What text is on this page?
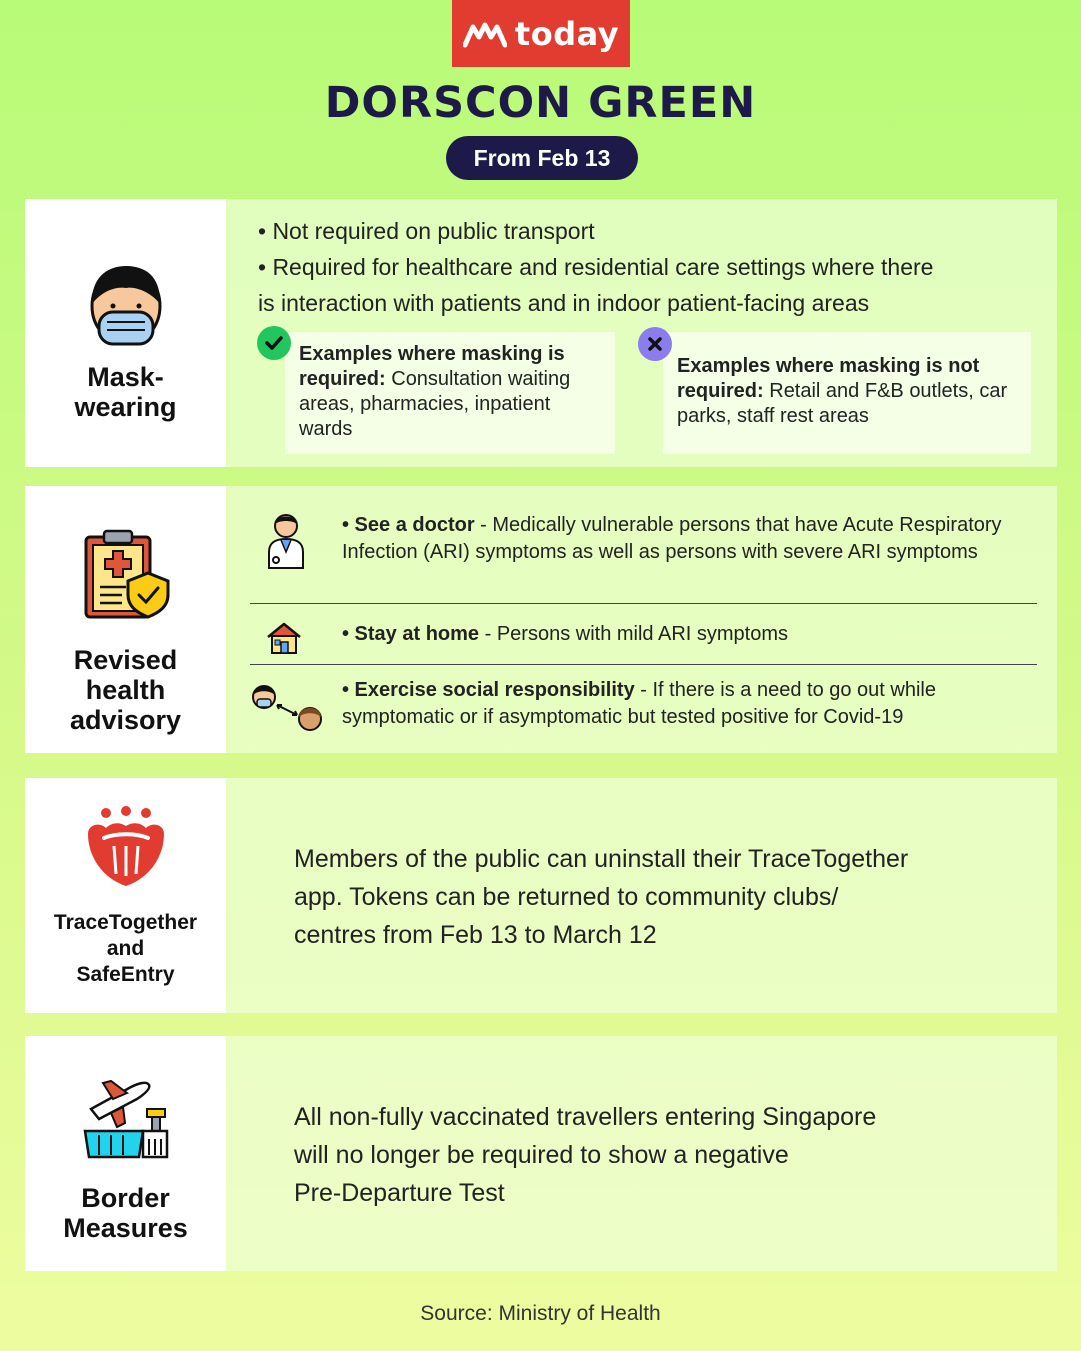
today
DORSCON GREEN
From Feb 13
Mask-
wearing
• Not required on public transport
• Required for healthcare and residential care settings where there
is interaction with patients and in indoor patient-facing areas
Examples where masking is required: Consultation waiting areas, pharmacies, inpatient wards
Examples where masking is not required: Retail and F&B outlets, car parks, staff rest areas
Revised
health
advisory
• See a doctor - Medically vulnerable persons that have Acute Respiratory Infection (ARI) symptoms as well as persons with severe ARI symptoms
• Stay at home - Persons with mild ARI symptoms
• Exercise social responsibility - If there is a need to go out while symptomatic or if asymptomatic but tested positive for Covid-19
TraceTogether
and
SafeEntry
Members of the public can uninstall their TraceTogether
app. Tokens can be returned to community clubs/
centres from Feb 13 to March 12
Border
Measures
All non-fully vaccinated travellers entering Singapore
will no longer be required to show a negative
Pre-Departure Test
Source: Ministry of Health
